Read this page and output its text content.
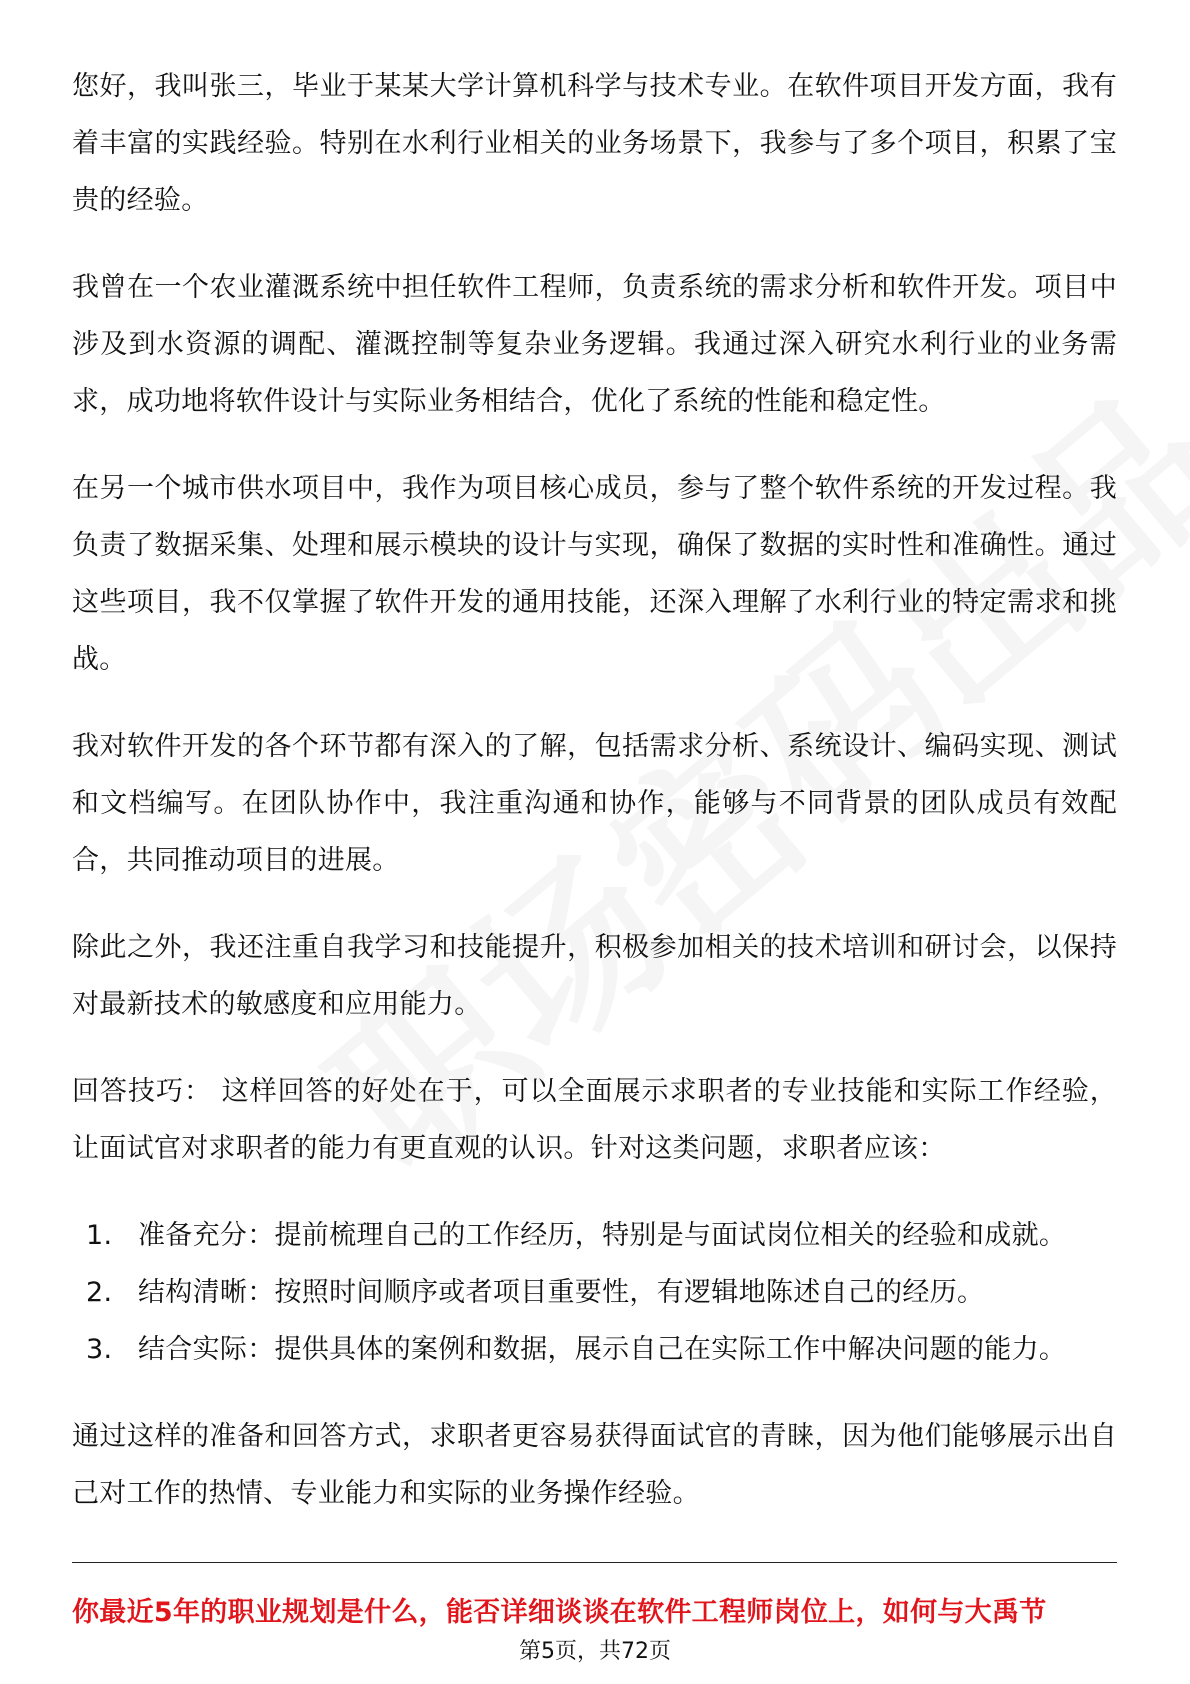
您好，我叫张三，毕业于某某大学计算机科学与技术专业。在软件项目开发方面，我有着丰富的实践经验。特别在水利行业相关的业务场景下，我参与了多个项目，积累了宝贵的经验。

我曾在一个农业灌溉系统中担任软件工程师，负责系统的需求分析和软件开发。项目中涉及到水资源的调配、灌溉控制等复杂业务逻辑。我通过深入研究水利行业的业务需求，成功地将软件设计与实际业务相结合，优化了系统的性能和稳定性。

在另一个城市供水项目中，我作为项目核心成员，参与了整个软件系统的开发过程。我负责了数据采集、处理和展示模块的设计与实现，确保了数据的实时性和准确性。通过这些项目，我不仅掌握了软件开发的通用技能，还深入理解了水利行业的特定需求和挑战。

我对软件开发的各个环节都有深入的了解，包括需求分析、系统设计、编码实现、测试和文档编写。在团队协作中，我注重沟通和协作，能够与不同背景的团队成员有效配合，共同推动项目的进展。

除此之外，我还注重自我学习和技能提升，积极参加相关的技术培训和研讨会，以保持对最新技术的敏感度和应用能力。

回答技巧： 这样回答的好处在于，可以全面展示求职者的专业技能和实际工作经验，让面试官对求职者的能力有更直观的认识。针对这类问题，求职者应该：

1. 准备充分：提前梳理自己的工作经历，特别是与面试岗位相关的经验和成就。
2. 结构清晰：按照时间顺序或者项目重要性，有逻辑地陈述自己的经历。
3. 结合实际：提供具体的案例和数据，展示自己在实际工作中解决问题的能力。

通过这样的准备和回答方式，求职者更容易获得面试官的青睐，因为他们能够展示出自己对工作的热情、专业能力和实际的业务操作经验。

你最近5年的职业规划是什么，能否详细谈谈在软件工程师岗位上，如何与大禹节
第5页，共72页
